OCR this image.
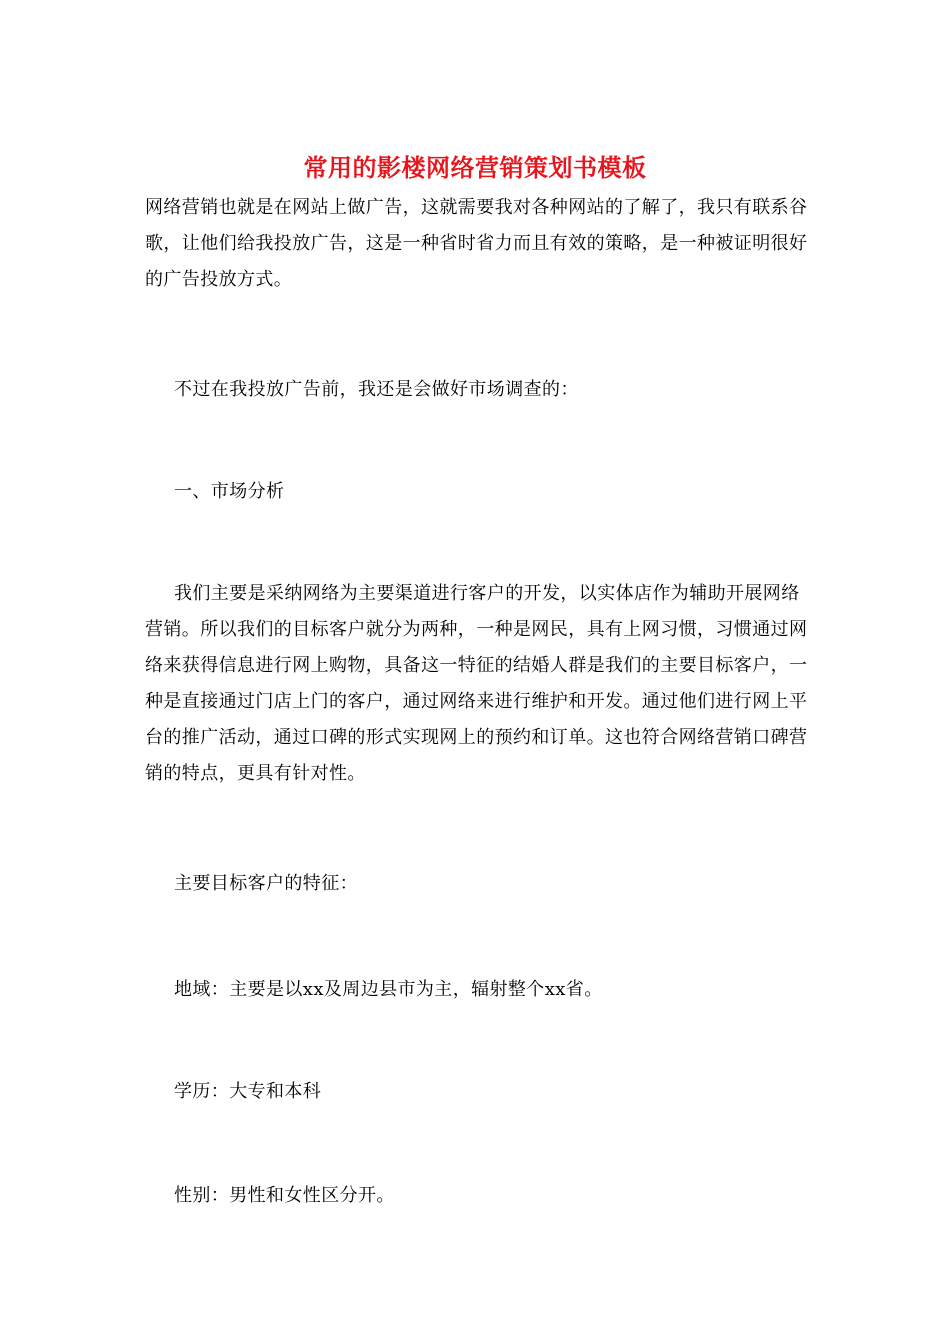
常用的影楼网络营销策划书模板

网络营销也就是在网站上做广告，这就需要我对各种网站的了解了，我只有联系谷歌，让他们给我投放广告，这是一种省时省力而且有效的策略，是一种被证明很好的广告投放方式。

不过在我投放广告前，我还是会做好市场调查的：

一、市场分析

我们主要是采纳网络为主要渠道进行客户的开发，以实体店作为辅助开展网络营销。所以我们的目标客户就分为两种，一种是网民，具有上网习惯，习惯通过网络来获得信息进行网上购物，具备这一特征的结婚人群是我们的主要目标客户，一种是直接通过门店上门的客户，通过网络来进行维护和开发。通过他们进行网上平台的推广活动，通过口碑的形式实现网上的预约和订单。这也符合网络营销口碑营销的特点，更具有针对性。

主要目标客户的特征：

地域：主要是以xx及周边县市为主，辐射整个xx省。

学历：大专和本科

性别：男性和女性区分开。
